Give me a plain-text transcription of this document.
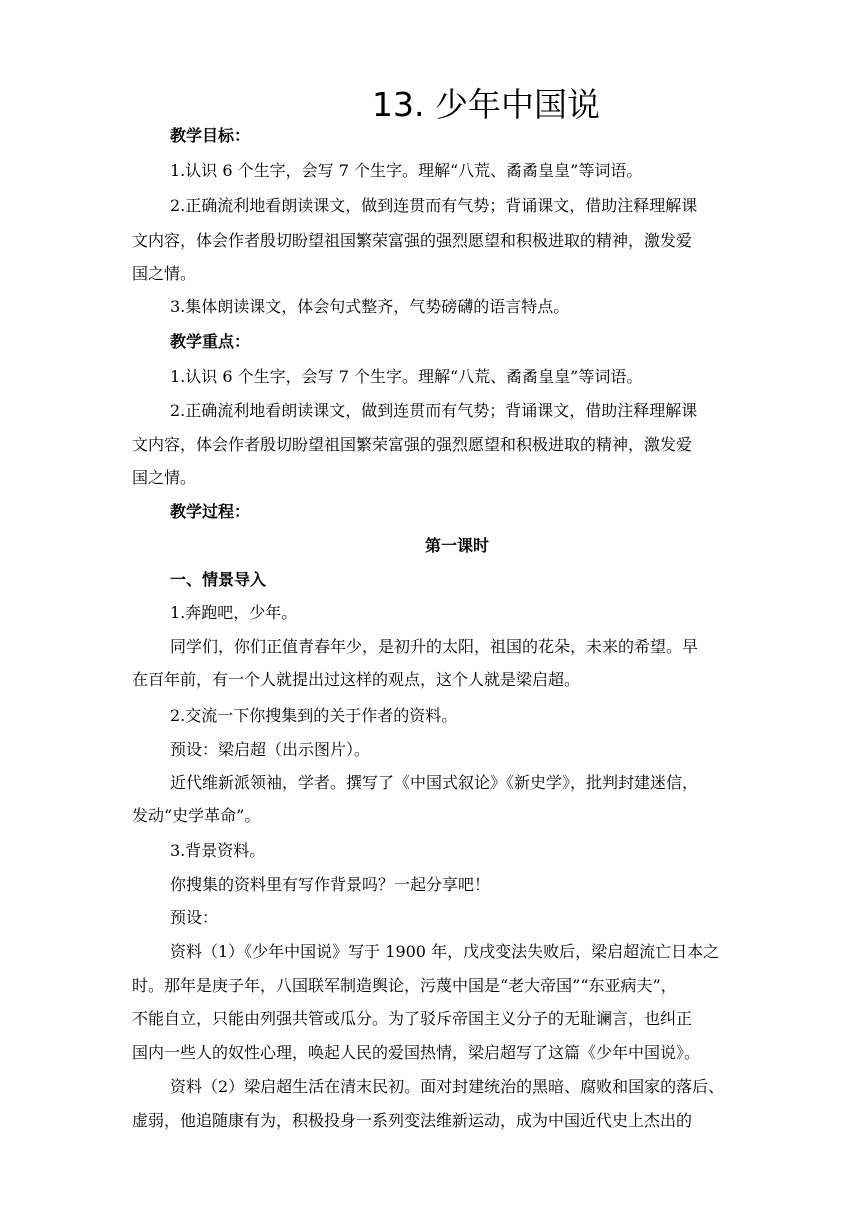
13. 少年中国说
教学目标：
1.认识 6 个生字，会写 7 个生字。理解“八荒、矞矞皇皇”等词语。
2.正确流利地看朗读课文，做到连贯而有气势；背诵课文，借助注释理解课
文内容，体会作者殷切盼望祖国繁荣富强的强烈愿望和积极进取的精神，激发爱
国之情。
3.集体朗读课文，体会句式整齐，气势磅礴的语言特点。
教学重点：
1.认识 6 个生字，会写 7 个生字。理解“八荒、矞矞皇皇”等词语。
2.正确流利地看朗读课文，做到连贯而有气势；背诵课文，借助注释理解课
文内容，体会作者殷切盼望祖国繁荣富强的强烈愿望和积极进取的精神，激发爱
国之情。
教学过程：
第一课时
一、情景导入
1.奔跑吧，少年。
同学们，你们正值青春年少，是初升的太阳，祖国的花朵，未来的希望。早
在百年前，有一个人就提出过这样的观点，这个人就是梁启超。
2.交流一下你搜集到的关于作者的资料。
预设：梁启超（出示图片）。
近代维新派领袖，学者。撰写了《中国式叙论》《新史学》，批判封建迷信，
发动“史学革命”。
3.背景资料。
你搜集的资料里有写作背景吗？一起分享吧！
预设：
资料（1）《少年中国说》写于 1900 年，戊戌变法失败后，梁启超流亡日本之
时。那年是庚子年，八国联军制造舆论，污蔑中国是“老大帝国”“东亚病夫”，
不能自立，只能由列强共管或瓜分。为了驳斥帝国主义分子的无耻谰言，也纠正
国内一些人的奴性心理，唤起人民的爱国热情，梁启超写了这篇《少年中国说》。
资料（2）梁启超生活在清末民初。面对封建统治的黑暗、腐败和国家的落后、
虚弱，他追随康有为，积极投身一系列变法维新运动，成为中国近代史上杰出的
